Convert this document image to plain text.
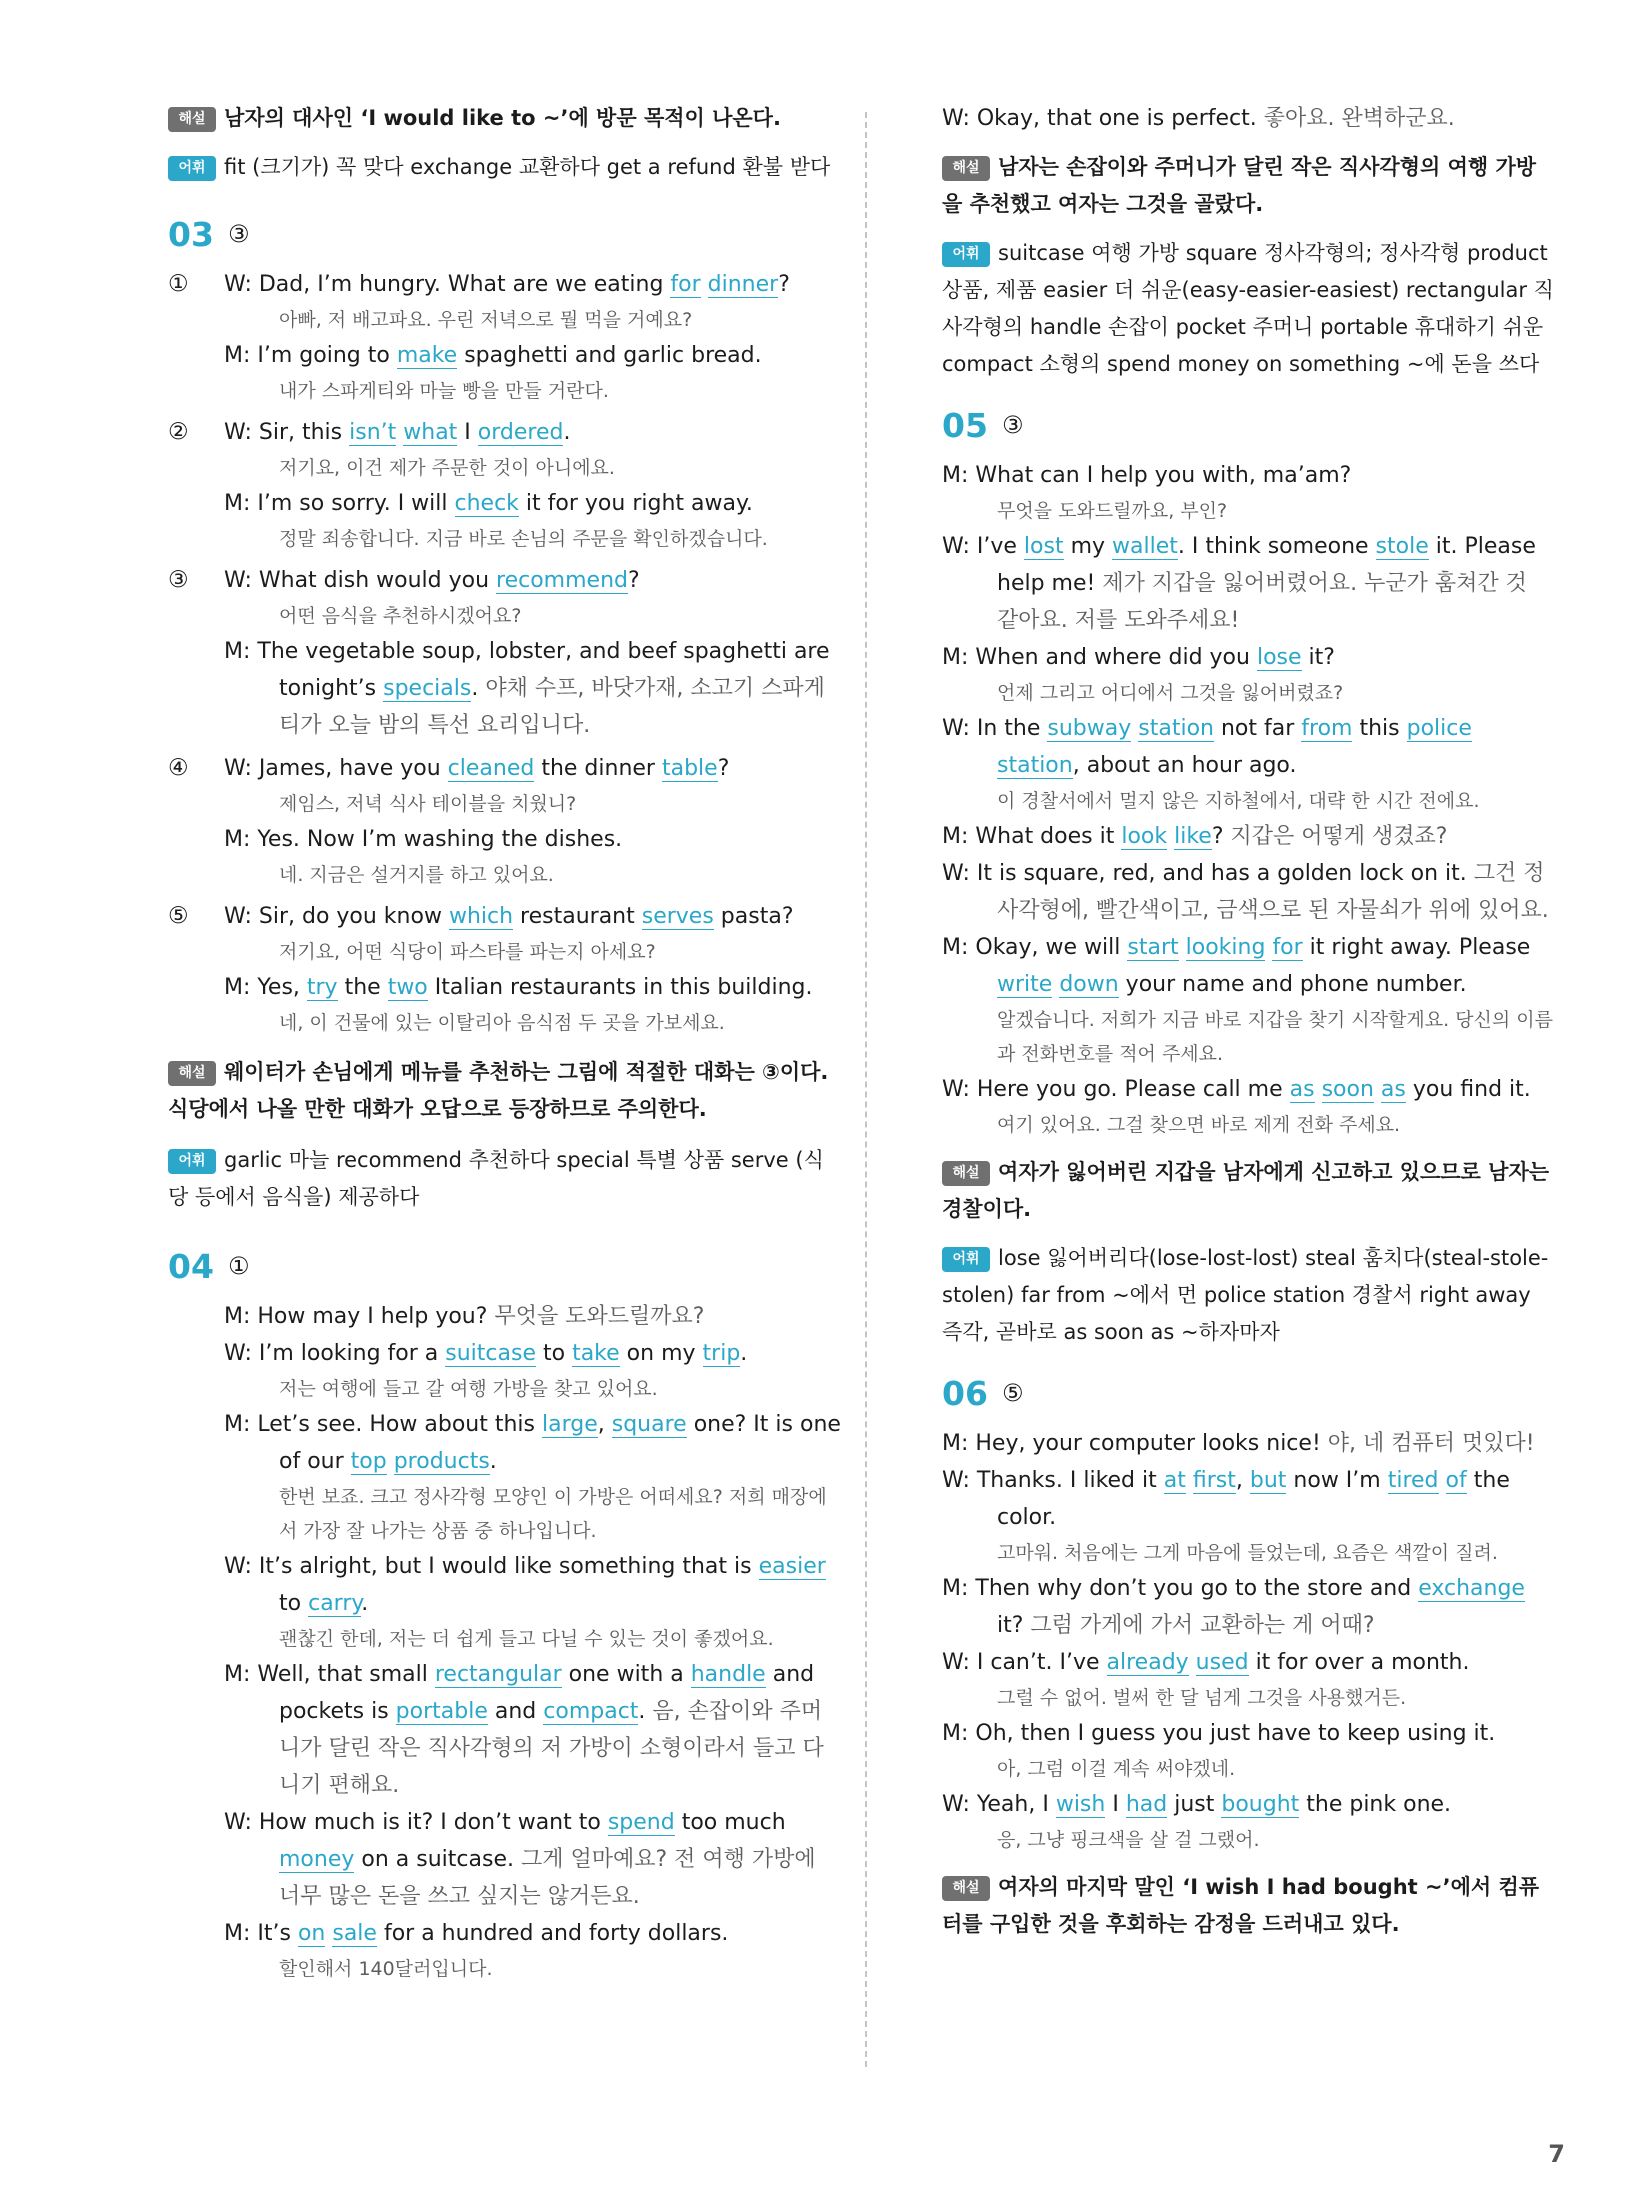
해설 남자의 대사인 ‘I would like to ~’에 방문 목적이 나온다.
어휘 fit (크기가) 꼭 맞다 exchange 교환하다 get a refund 환불 받다
03 ③
①	W: Dad, I’m hungry. What are we eating for dinner?
아빠, 저 배고파요. 우린 저녁으로 뭘 먹을 거예요?
M: I’m going to make spaghetti and garlic bread.
내가 스파게티와 마늘 빵을 만들 거란다.
②	W: Sir, this isn’t what I ordered.
저기요, 이건 제가 주문한 것이 아니에요.
M: I’m so sorry. I will check it for you right away.
정말 죄송합니다. 지금 바로 손님의 주문을 확인하겠습니다.
③	W: What dish would you recommend?
어떤 음식을 추천하시겠어요?
M: The vegetable soup, lobster, and beef spaghetti are tonight’s specials. 야채 수프, 바닷가재, 소고기 스파게티가 오늘 밤의 특선 요리입니다.
④	W: James, have you cleaned the dinner table?
제임스, 저녁 식사 테이블을 치웠니?
M: Yes. Now I’m washing the dishes.
네. 지금은 설거지를 하고 있어요.
⑤	W: Sir, do you know which restaurant serves pasta?
저기요, 어떤 식당이 파스타를 파는지 아세요?
M: Yes, try the two Italian restaurants in this building.
네, 이 건물에 있는 이탈리아 음식점 두 곳을 가보세요.
해설 웨이터가 손님에게 메뉴를 추천하는 그림에 적절한 대화는 ③이다. 식당에서 나올 만한 대화가 오답으로 등장하므로 주의한다.
어휘 garlic 마늘 recommend 추천하다 special 특별 상품 serve (식당 등에서 음식을) 제공하다
04 ①
M: How may I help you? 무엇을 도와드릴까요?
W: I’m looking for a suitcase to take on my trip.
저는 여행에 들고 갈 여행 가방을 찾고 있어요.
M: Let’s see. How about this large, square one? It is one of our top products.
한번 보죠. 크고 정사각형 모양인 이 가방은 어떠세요? 저희 매장에서 가장 잘 나가는 상품 중 하나입니다.
W: It’s alright, but I would like something that is easier to carry.
괜찮긴 한데, 저는 더 쉽게 들고 다닐 수 있는 것이 좋겠어요.
M: Well, that small rectangular one with a handle and pockets is portable and compact. 음, 손잡이와 주머니가 달린 작은 직사각형의 저 가방이 소형이라서 들고 다니기 편해요.
W: How much is it? I don’t want to spend too much money on a suitcase. 그게 얼마예요? 전 여행 가방에 너무 많은 돈을 쓰고 싶지는 않거든요.
M: It’s on sale for a hundred and forty dollars.
할인해서 140달러입니다.
W: Okay, that one is perfect. 좋아요. 완벽하군요.
해설 남자는 손잡이와 주머니가 달린 작은 직사각형의 여행 가방을 추천했고 여자는 그것을 골랐다.
어휘 suitcase 여행 가방 square 정사각형의; 정사각형 product 상품, 제품 easier 더 쉬운(easy-easier-easiest) rectangular 직사각형의 handle 손잡이 pocket 주머니 portable 휴대하기 쉬운 compact 소형의 spend money on something ~에 돈을 쓰다
05 ③
M: What can I help you with, ma’am?
무엇을 도와드릴까요, 부인?
W: I’ve lost my wallet. I think someone stole it. Please help me! 제가 지갑을 잃어버렸어요. 누군가 훔쳐간 것 같아요. 저를 도와주세요!
M: When and where did you lose it?
언제 그리고 어디에서 그것을 잃어버렸죠?
W: In the subway station not far from this police station, about an hour ago.
이 경찰서에서 멀지 않은 지하철에서, 대략 한 시간 전에요.
M: What does it look like? 지갑은 어떻게 생겼죠?
W: It is square, red, and has a golden lock on it. 그건 정사각형에, 빨간색이고, 금색으로 된 자물쇠가 위에 있어요.
M: Okay, we will start looking for it right away. Please write down your name and phone number.
알겠습니다. 저희가 지금 바로 지갑을 찾기 시작할게요. 당신의 이름과 전화번호를 적어 주세요.
W: Here you go. Please call me as soon as you find it.
여기 있어요. 그걸 찾으면 바로 제게 전화 주세요.
해설 여자가 잃어버린 지갑을 남자에게 신고하고 있으므로 남자는 경찰이다.
어휘 lose 잃어버리다(lose-lost-lost) steal 훔치다(steal-stole-stolen) far from ~에서 먼 police station 경찰서 right away 즉각, 곧바로 as soon as ~하자마자
06 ⑤
M: Hey, your computer looks nice! 야, 네 컴퓨터 멋있다!
W: Thanks. I liked it at first, but now I’m tired of the color.
고마워. 처음에는 그게 마음에 들었는데, 요즘은 색깔이 질려.
M: Then why don’t you go to the store and exchange it? 그럼 가게에 가서 교환하는 게 어때?
W: I can’t. I’ve already used it for over a month.
그럴 수 없어. 벌써 한 달 넘게 그것을 사용했거든.
M: Oh, then I guess you just have to keep using it.
아, 그럼 이걸 계속 써야겠네.
W: Yeah, I wish I had just bought the pink one.
응, 그냥 핑크색을 살 걸 그랬어.
해설 여자의 마지막 말인 ‘I wish I had bought ~’에서 컴퓨터를 구입한 것을 후회하는 감정을 드러내고 있다.
7
